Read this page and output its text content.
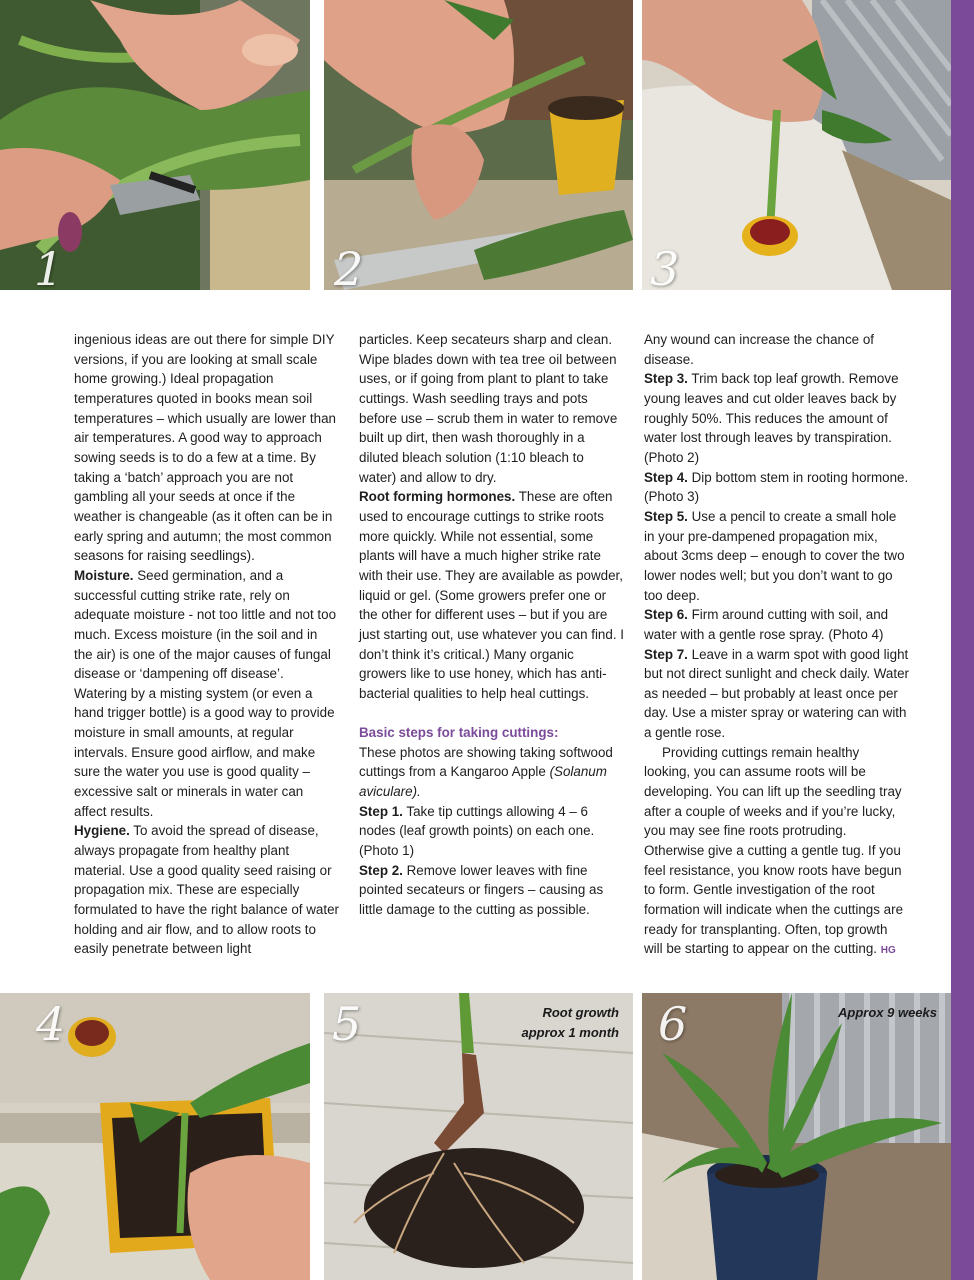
1	2	3

ingenious ideas are out there for simple DIY versions, if you are looking at small scale home growing.) Ideal propagation temperatures quoted in books mean soil temperatures – which usually are lower than air temperatures. A good way to approach sowing seeds is to do a few at a time. By taking a ‘batch’ approach you are not gambling all your seeds at once if the weather is changeable (as it often can be in early spring and autumn; the most common seasons for raising seedlings).

Moisture. Seed germination, and a successful cutting strike rate, rely on adequate moisture - not too little and not too much. Excess moisture (in the soil and in the air) is one of the major causes of fungal disease or ‘dampening off disease’. Watering by a misting system (or even a hand trigger bottle) is a good way to provide moisture in small amounts, at regular intervals. Ensure good airflow, and make sure the water you use is good quality – excessive salt or minerals in water can affect results.

Hygiene. To avoid the spread of disease, always propagate from healthy plant material. Use a good quality seed raising or propagation mix. These are especially formulated to have the right balance of water holding and air flow, and to allow roots to easily penetrate between light

particles. Keep secateurs sharp and clean. Wipe blades down with tea tree oil between uses, or if going from plant to plant to take cuttings. Wash seedling trays and pots before use – scrub them in water to remove built up dirt, then wash thoroughly in a diluted bleach solution (1:10 bleach to water) and allow to dry.

Root forming hormones. These are often used to encourage cuttings to strike roots more quickly. While not essential, some plants will have a much higher strike rate with their use. They are available as powder, liquid or gel. (Some growers prefer one or the other for different uses – but if you are just starting out, use whatever you can find. I don’t think it’s critical.) Many organic growers like to use honey, which has anti-bacterial qualities to help heal cuttings.

Basic steps for taking cuttings:

These photos are showing taking softwood cuttings from a Kangaroo Apple (Solanum aviculare).

Step 1. Take tip cuttings allowing 4 – 6 nodes (leaf growth points) on each one. (Photo 1)

Step 2. Remove lower leaves with fine pointed secateurs or fingers – causing as little damage to the cutting as possible.

Any wound can increase the chance of disease.

Step 3. Trim back top leaf growth. Remove young leaves and cut older leaves back by roughly 50%. This reduces the amount of water lost through leaves by transpiration. (Photo 2)

Step 4. Dip bottom stem in rooting hormone. (Photo 3)

Step 5. Use a pencil to create a small hole in your pre-dampened propagation mix, about 3cms deep – enough to cover the two lower nodes well; but you don’t want to go too deep.

Step 6. Firm around cutting with soil, and water with a gentle rose spray. (Photo 4)

Step 7. Leave in a warm spot with good light but not direct sunlight and check daily. Water as needed – but probably at least once per day. Use a mister spray or watering can with a gentle rose.

Providing cuttings remain healthy looking, you can assume roots will be developing. You can lift up the seedling tray after a couple of weeks and if you’re lucky, you may see fine roots protruding. Otherwise give a cutting a gentle tug. If you feel resistance, you know roots have begun to form. Gentle investigation of the root formation will indicate when the cuttings are ready for transplanting. Often, top growth will be starting to appear on the cutting. HG

4	5	Root growth
approx 1 month 6	Approx 9 weeks
